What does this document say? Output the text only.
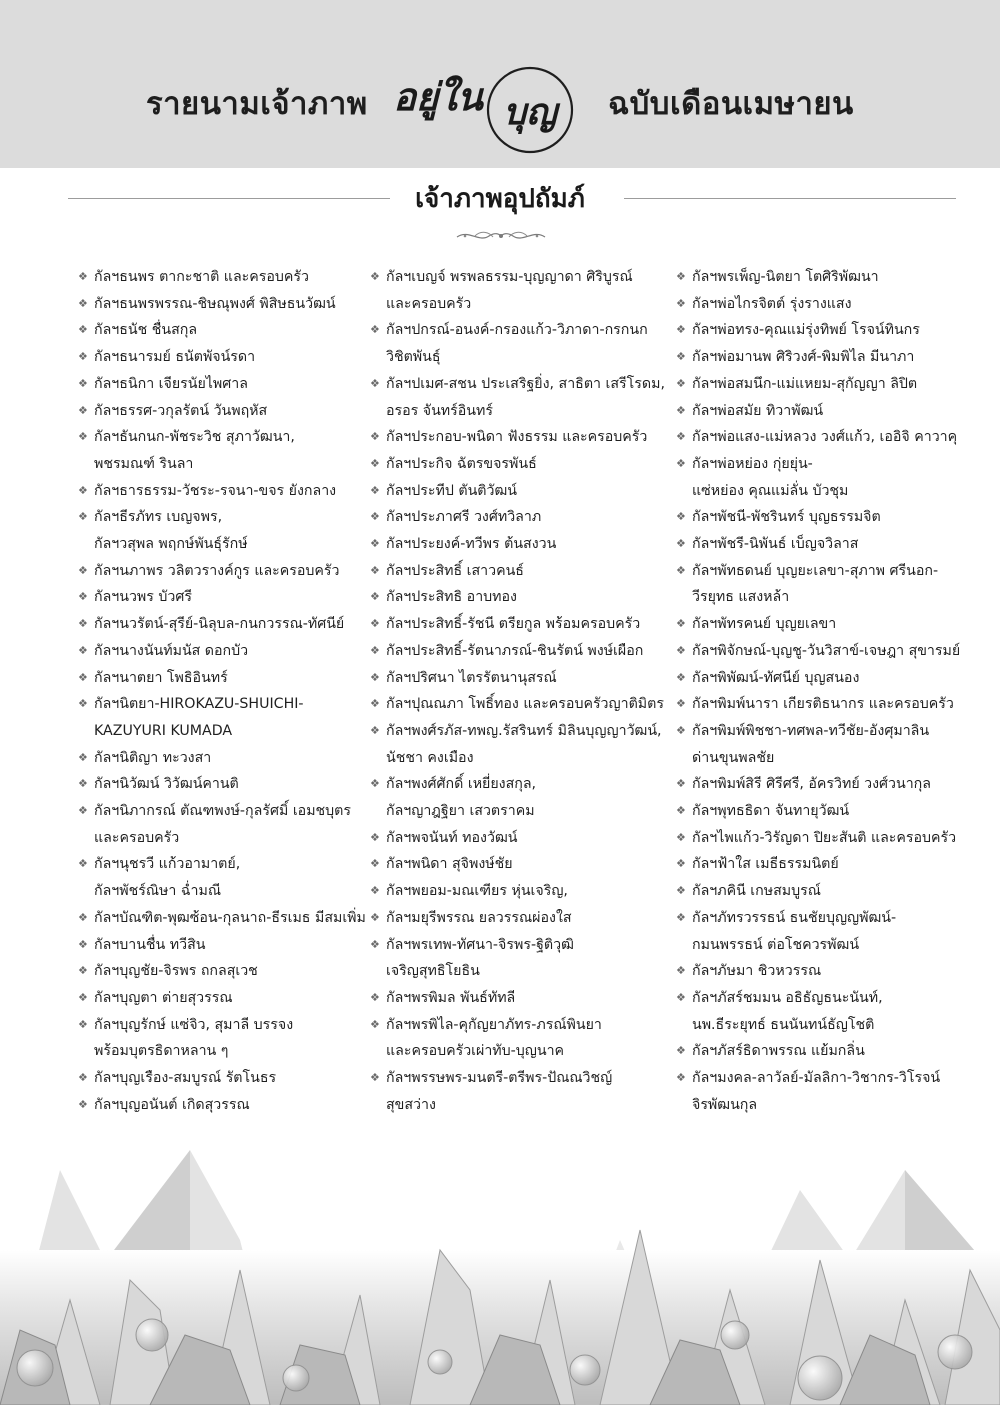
รายนามเจ้าภาพ อยู่ใน บุญ ฉบับเดือนเมษายน
เจ้าภาพอุปถัมภ์
❖ กัลฯธนพร ตากะชาติ และครอบครัว
❖ กัลฯธนพรพรรณ-ชิษณุพงศ์ พิสิษธนวัฒน์
❖ กัลฯธนัช ชื่นสกุล
❖ กัลฯธนารมย์ ธนัตพัจน์รดา
❖ กัลฯธนิกา เจียรนัยไพศาล
❖ กัลฯธรรศ-วกุลรัตน์ วันพฤหัส
❖ กัลฯธันกนก-พัชระวิช สุภาวัฒนา,
พชรมณฑ์ รินลา
❖ กัลฯธารธรรม-วัชระ-รจนา-ขจร ยังกลาง
❖ กัลฯธีรภัทร เบญจพร,
กัลฯวสุพล พฤกษ์พันธุ์รักษ์
❖ กัลฯนภาพร วลิตวรางค์กูร และครอบครัว
❖ กัลฯนวพร บัวศรี
❖ กัลฯนวรัตน์-สุรีย์-นิลุบล-กนกวรรณ-ทัศนีย์
❖ กัลฯนางนันท์มนัส ดอกบัว
❖ กัลฯนาตยา โพธิอินทร์
❖ กัลฯนิตยา-HIROKAZU-SHUICHI-
KAZUYURI KUMADA
❖ กัลฯนิติญา ทะวงสา
❖ กัลฯนิวัฒน์ วิวัฒน์คานติ
❖ กัลฯนิภากรณ์ ตัณฑพงษ์-กุลรัศมิ์ เอมชบุตร
และครอบครัว
❖ กัลฯนุชรวี แก้วอามาตย์,
กัลฯพัชร์ณิษา ฉ่ำมณี
❖ กัลฯบัณฑิต-พุฒซ้อน-กุลนาถ-ธีรเมธ มีสมเพิ่ม
❖ กัลฯบานชื่น ทวีสิน
❖ กัลฯบุญชัย-จิรพร ถกลสุเวช
❖ กัลฯบุญตา ต่ายสุวรรณ
❖ กัลฯบุญรักษ์ แซ่จิว, สุมาลี บรรจง
พร้อมบุตรธิดาหลาน ๆ
❖ กัลฯบุญเรือง-สมบูรณ์ รัตโนธร
❖ กัลฯบุญอนันต์ เกิดสุวรรณ
❖ กัลฯเบญจ์ พรพลธรรม-บุญญาดา ศิริบูรณ์
และครอบครัว
❖ กัลฯปกรณ์-อนงค์-กรองแก้ว-วิภาดา-กรกนก
วิชิตพันธุ์
❖ กัลฯปเมศ-สชน ประเสริฐยิ่ง, สาธิตา เสรีโรดม,
อรอร จันทร์อินทร์
❖ กัลฯประกอบ-พนิดา ฟังธรรม และครอบครัว
❖ กัลฯประกิจ ฉัตรขจรพันธ์
❖ กัลฯประทีป ตันติวัฒน์
❖ กัลฯประภาศรี วงศ์ทวิลาภ
❖ กัลฯประยงค์-ทวีพร ต้นสงวน
❖ กัลฯประสิทธิ์ เสาวคนธ์
❖ กัลฯประสิทธิ อาบทอง
❖ กัลฯประสิทธิ์-รัชนี ตรียกูล พร้อมครอบครัว
❖ กัลฯประสิทธิ์-รัตนาภรณ์-ชินรัตน์ พงษ์เผือก
❖ กัลฯปริศนา ไตรรัตนานุสรณ์
❖ กัลฯปุณณภา โพธิ์ทอง และครอบครัวญาติมิตร
❖ กัลฯพงศ์รภัส-ทพญ.รัสรินทร์ มิลินบุญญาวัฒน์,
นัชชา คงเมือง
❖ กัลฯพงศ์ศักดิ์ เหยี่ยงสกุล,
กัลฯญาฎฐิยา เสวตราคม
❖ กัลฯพจนันท์ ทองวัฒน์
❖ กัลฯพนิดา สุจิพงษ์ชัย
❖ กัลฯพยอม-มณเฑียร หุ่นเจริญ,
❖ กัลฯมยุรีพรรณ ยลวรรณผ่องใส
❖ กัลฯพรเทพ-ทัศนา-จิรพร-ฐิติวุฒิ
เจริญสุทธิโยธิน
❖ กัลฯพรพิมล พันธ์ทัทลี
❖ กัลฯพรพิไล-คุกัญยาภัทร-ภรณ์พินยา
และครอบครัวเผ่าทับ-บุญนาค
❖ กัลฯพรรษพร-มนตรี-ตรีพร-ปัณณวิชญ์
สุขสว่าง
❖ กัลฯพรเพ็ญ-นิตยา โตศิริพัฒนา
❖ กัลฯพ่อไกรจิตต์ รุ่งรางแสง
❖ กัลฯพ่อทรง-คุณแม่รุ่งทิพย์ โรจน์ทินกร
❖ กัลฯพ่อมานพ ศิริวงศ์-พิมพิไล มีนาภา
❖ กัลฯพ่อสมนึก-แม่แหยม-สุกัญญา ลิปิต
❖ กัลฯพ่อสมัย ทิวาพัฒน์
❖ กัลฯพ่อแสง-แม่หลวง วงศ์แก้ว, เออิจิ คาวาคุ
❖ กัลฯพ่อหย่อง กุ่ยยุ่น-
แซ่หย่อง คุณแม่ลั่น บัวชุม
❖ กัลฯพัชนี-พัชรินทร์ บุญธรรมจิต
❖ กัลฯพัชรี-นิพันธ์ เบ็ญจวิลาส
❖ กัลฯพัทธดนย์ บุญยะเลขา-สุภาพ ศรีนอก-
วีรยุทธ แสงหล้า
❖ กัลฯพัทรคนย์ บุญยเลขา
❖ กัลฯพิจักษณ์-บุญชู-วันวิสาข์-เจษฎา สุขารมย์
❖ กัลฯพิพัฒน์-ทัศนีย์ บุญสนอง
❖ กัลฯพิมพ์นารา เกียรติธนากร และครอบครัว
❖ กัลฯพิมพ์พิชชา-ทศพล-ทวีชัย-อังศุมาลิน
ด่านขุนพลชัย
❖ กัลฯพิมพ์สิรี ศิรีศรี, อัครวิทย์ วงศ์วนากุล
❖ กัลฯพุทธธิดา จันทายุวัฒน์
❖ กัลฯไพแก้ว-วิรัญดา ปิยะสันติ และครอบครัว
❖ กัลฯฟ้าใส เมธีธรรมนิตย์
❖ กัลฯภคินี เกษสมบูรณ์
❖ กัลฯภัทรวรรธน์ ธนชัยบุญญพัฒน์-
กมนพรรธน์ ต่อโชควรพัฒน์
❖ กัลฯภัษมา ชิวหวรรณ
❖ กัลฯภัสร์ชมมน อธิธัญธนะนันท์,
นพ.ธีระยุทธ์ ธนนันทน์ธัญโชติ
❖ กัลฯภัสร์ธิดาพรรณ แย้มกลิ่น
❖ กัลฯมงคล-ลาวัลย์-มัลลิกา-วิชากร-วิโรจน์
จิรพัฒนกุล
